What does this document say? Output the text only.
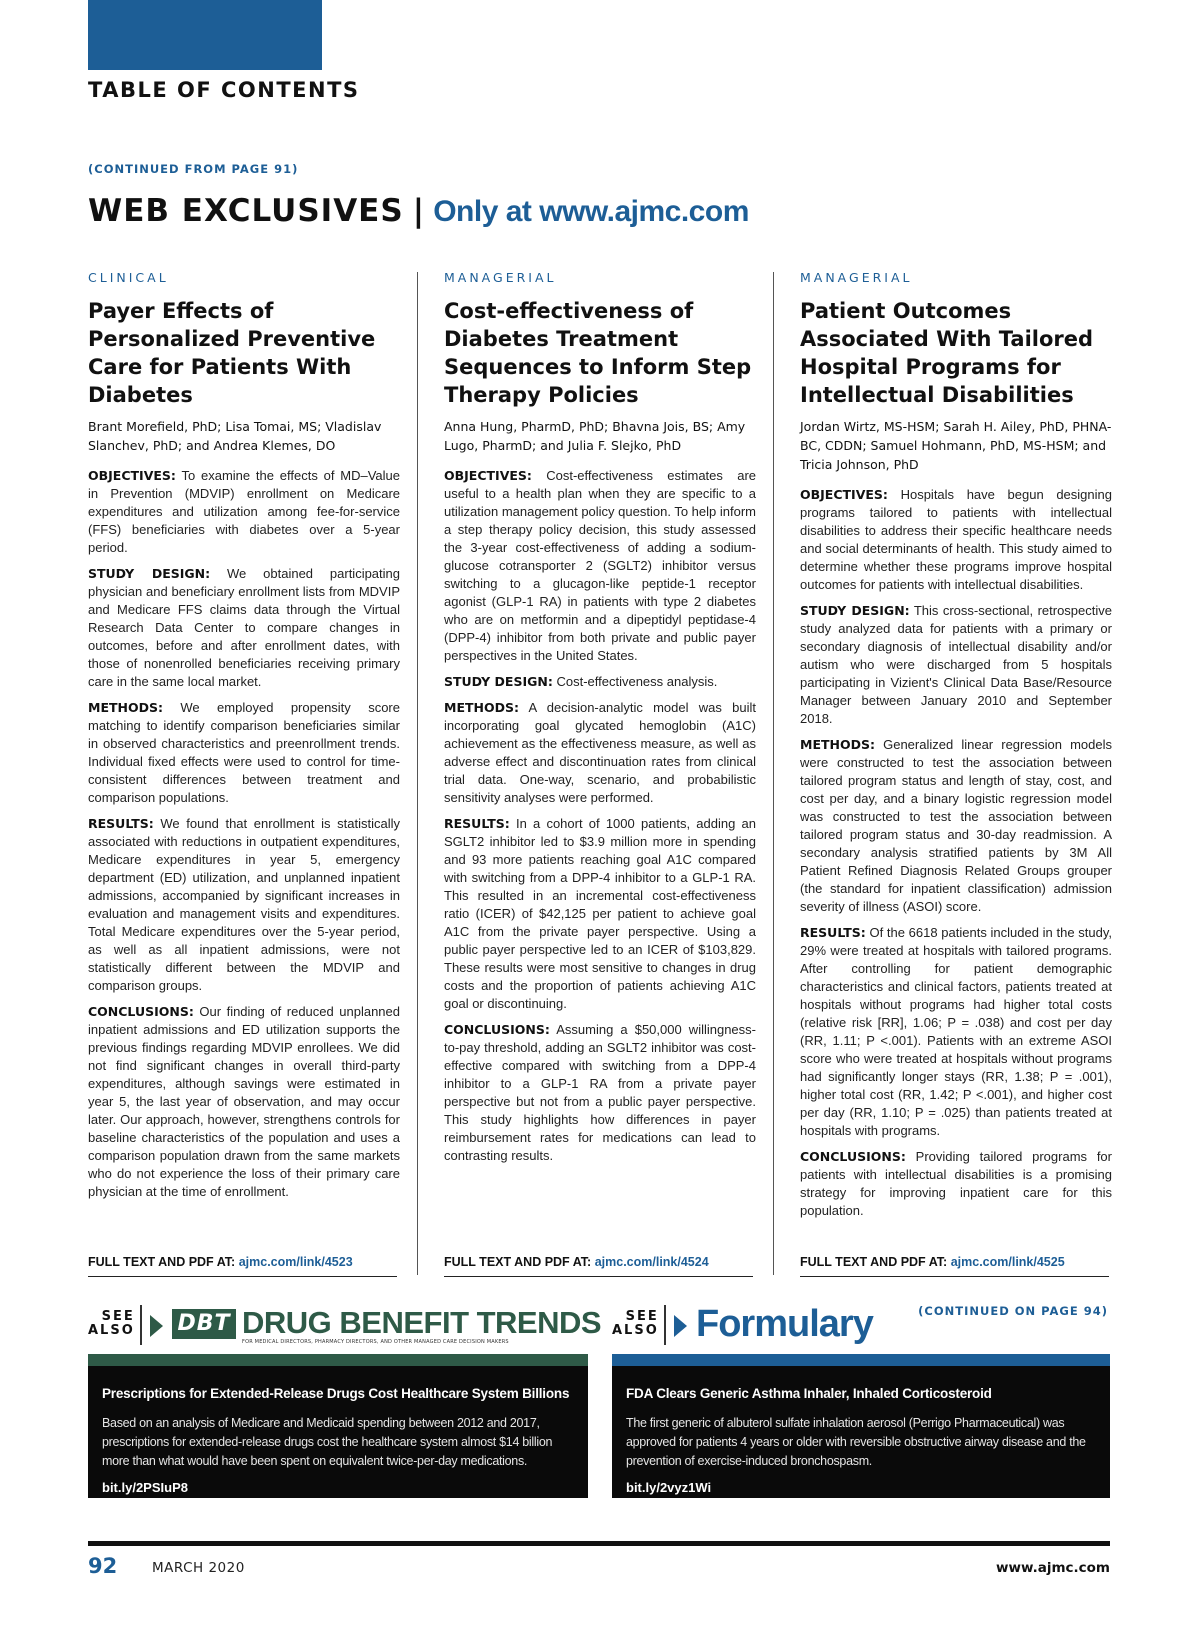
TABLE OF CONTENTS
(CONTINUED FROM PAGE 91)
WEB EXCLUSIVES | Only at www.ajmc.com
CLINICAL
Payer Effects of Personalized Preventive Care for Patients With Diabetes
Brant Morefield, PhD; Lisa Tomai, MS; Vladislav Slanchev, PhD; and Andrea Klemes, DO

OBJECTIVES: To examine the effects of MD–Value in Prevention (MDVIP) enrollment on Medicare expenditures and utilization among fee-for-service (FFS) beneficiaries with diabetes over a 5-year period.

STUDY DESIGN: We obtained participating physician and beneficiary enrollment lists from MDVIP and Medicare FFS claims data through the Virtual Research Data Center to compare changes in outcomes, before and after enrollment dates, with those of nonenrolled beneficiaries receiving primary care in the same local market.

METHODS: We employed propensity score matching to identify comparison beneficiaries similar in observed characteristics and preenrollment trends. Individual fixed effects were used to control for time-consistent differences between treatment and comparison populations.

RESULTS: We found that enrollment is statistically associated with reductions in outpatient expenditures, Medicare expenditures in year 5, emergency department (ED) utilization, and unplanned inpatient admissions, accompanied by significant increases in evaluation and management visits and expenditures. Total Medicare expenditures over the 5-year period, as well as all inpatient admissions, were not statistically different between the MDVIP and comparison groups.

CONCLUSIONS: Our finding of reduced unplanned inpatient admissions and ED utilization supports the previous findings regarding MDVIP enrollees. We did not find significant changes in overall third-party expenditures, although savings were estimated in year 5, the last year of observation, and may occur later. Our approach, however, strengthens controls for baseline characteristics of the population and uses a comparison population drawn from the same markets who do not experience the loss of their primary care physician at the time of enrollment.

MANAGERIAL
Cost-effectiveness of Diabetes Treatment Sequences to Inform Step Therapy Policies
Anna Hung, PharmD, PhD; Bhavna Jois, BS; Amy Lugo, PharmD; and Julia F. Slejko, PhD

OBJECTIVES: Cost-effectiveness estimates are useful to a health plan when they are specific to a utilization management policy question. To help inform a step therapy policy decision, this study assessed the 3-year cost-effectiveness of adding a sodium-glucose cotransporter 2 (SGLT2) inhibitor versus switching to a glucagon-like peptide-1 receptor agonist (GLP-1 RA) in patients with type 2 diabetes who are on metformin and a dipeptidyl peptidase-4 (DPP-4) inhibitor from both private and public payer perspectives in the United States.

STUDY DESIGN: Cost-effectiveness analysis.

METHODS: A decision-analytic model was built incorporating goal glycated hemoglobin (A1C) achievement as the effectiveness measure, as well as adverse effect and discontinuation rates from clinical trial data. One-way, scenario, and probabilistic sensitivity analyses were performed.

RESULTS: In a cohort of 1000 patients, adding an SGLT2 inhibitor led to $3.9 million more in spending and 93 more patients reaching goal A1C compared with switching from a DPP-4 inhibitor to a GLP-1 RA. This resulted in an incremental cost-effectiveness ratio (ICER) of $42,125 per patient to achieve goal A1C from the private payer perspective. Using a public payer perspective led to an ICER of $103,829. These results were most sensitive to changes in drug costs and the proportion of patients achieving A1C goal or discontinuing.

CONCLUSIONS: Assuming a $50,000 willingness-to-pay threshold, adding an SGLT2 inhibitor was cost-effective compared with switching from a DPP-4 inhibitor to a GLP-1 RA from a private payer perspective but not from a public payer perspective. This study highlights how differences in payer reimbursement rates for medications can lead to contrasting results.

MANAGERIAL
Patient Outcomes Associated With Tailored Hospital Programs for Intellectual Disabilities
Jordan Wirtz, MS-HSM; Sarah H. Ailey, PhD, PHNA-BC, CDDN; Samuel Hohmann, PhD, MS-HSM; and Tricia Johnson, PhD

OBJECTIVES: Hospitals have begun designing programs tailored to patients with intellectual disabilities to address their specific healthcare needs and social determinants of health. This study aimed to determine whether these programs improve hospital outcomes for patients with intellectual disabilities.

STUDY DESIGN: This cross-sectional, retrospective study analyzed data for patients with a primary or secondary diagnosis of intellectual disability and/or autism who were discharged from 5 hospitals participating in Vizient's Clinical Data Base/Resource Manager between January 2010 and September 2018.

METHODS: Generalized linear regression models were constructed to test the association between tailored program status and length of stay, cost, and cost per day, and a binary logistic regression model was constructed to test the association between tailored program status and 30-day readmission. A secondary analysis stratified patients by 3M All Patient Refined Diagnosis Related Groups grouper (the standard for inpatient classification) admission severity of illness (ASOI) score.

RESULTS: Of the 6618 patients included in the study, 29% were treated at hospitals with tailored programs. After controlling for patient demographic characteristics and clinical factors, patients treated at hospitals without programs had higher total costs (relative risk [RR], 1.06; P = .038) and cost per day (RR, 1.11; P <.001). Patients with an extreme ASOI score who were treated at hospitals without programs had significantly longer stays (RR, 1.38; P = .001), higher total cost (RR, 1.42; P <.001), and higher cost per day (RR, 1.10; P = .025) than patients treated at hospitals with programs.

CONCLUSIONS: Providing tailored programs for patients with intellectual disabilities is a promising strategy for improving inpatient care for this population.

FULL TEXT AND PDF AT: ajmc.com/link/4523	FULL TEXT AND PDF AT: ajmc.com/link/4524	FULL TEXT AND PDF AT: ajmc.com/link/4525
SEE
ALSO DBT DRUG BENEFIT TRENDS
FOR MEDICAL DIRECTORS, PHARMACY DIRECTORS, AND OTHER MANAGED CARE DECISION MAKERS
SEE
ALSO Formulary	(CONTINUED ON PAGE 94)
Prescriptions for Extended-Release Drugs Cost Healthcare System Billions
Based on an analysis of Medicare and Medicaid spending between 2012 and 2017, prescriptions for extended-release drugs cost the healthcare system almost $14 billion more than what would have been spent on equivalent twice-per-day medications.
bit.ly/2PSIuP8
FDA Clears Generic Asthma Inhaler, Inhaled Corticosteroid
The first generic of albuterol sulfate inhalation aerosol (Perrigo Pharmaceutical) was approved for patients 4 years or older with reversible obstructive airway disease and the prevention of exercise-induced bronchospasm.
bit.ly/2vyz1Wi
92	MARCH 2020	www.ajmc.com
